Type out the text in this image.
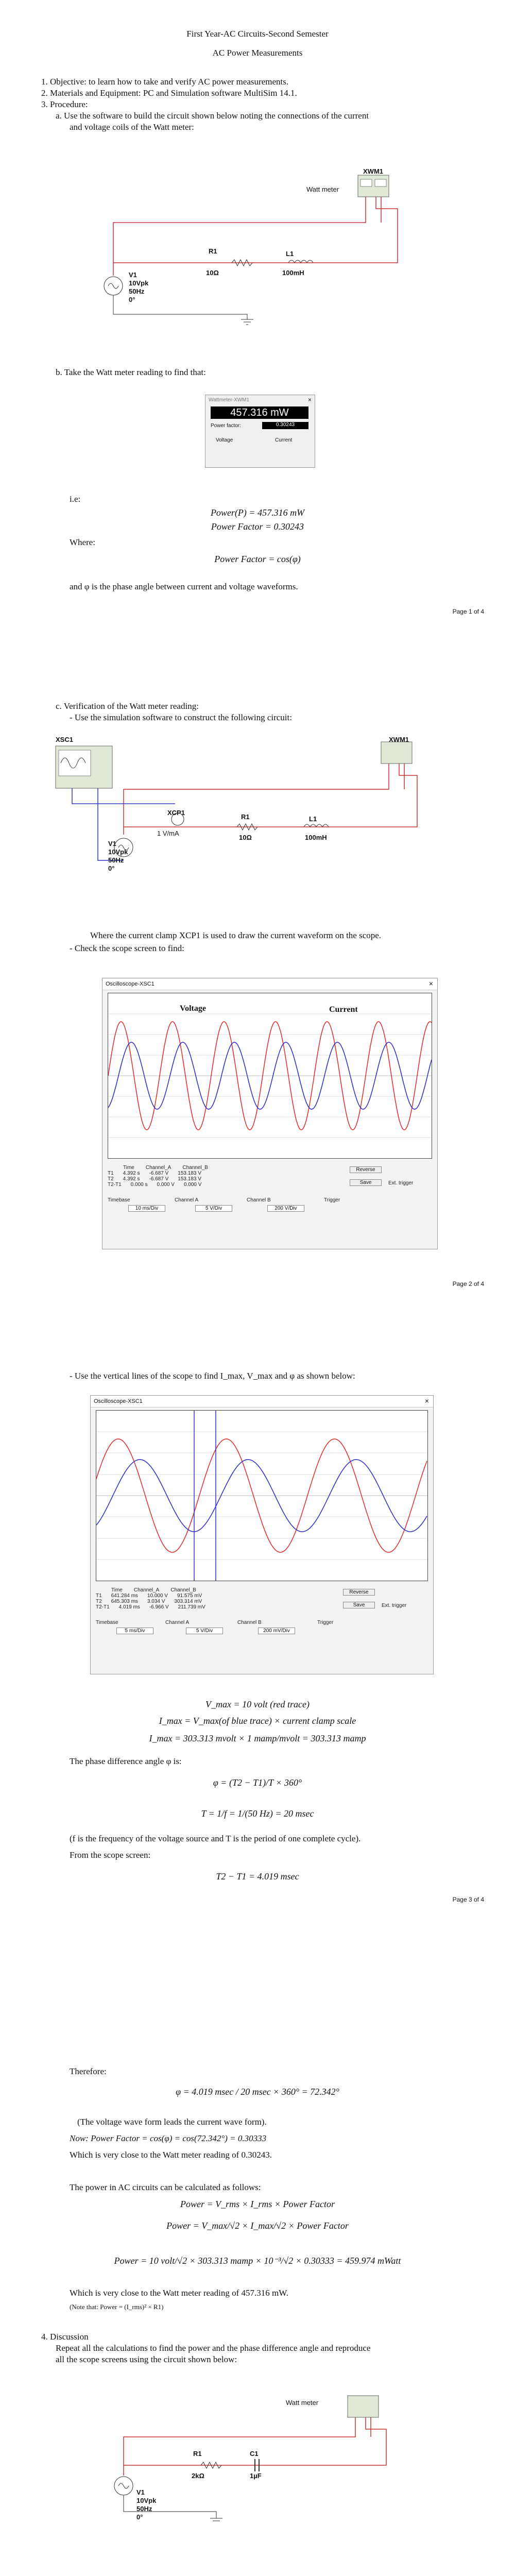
First Year-AC Circuits-Second Semester
AC Power Measurements
1. Objective: to learn how to take and verify AC power measurements.
2. Materials and Equipment: PC and Simulation software MultiSim 14.1.
3. Procedure:
a. Use the software to build the circuit shown below noting the connections of the current
and voltage coils of the Watt meter:
XWM1
Watt meter
R1
10Ω
L1
100mH
V1
10Vpk
50Hz
0°
b. Take the Watt meter reading to find that:
Wattmeter-XWM1	×
457.316 mW
Power factor:	0.30243
Voltage	Current
i.e:
Power(P) = 457.316 mW
Power Factor = 0.30243
Where:
Power Factor = cos(φ)
and φ is the phase angle between current and voltage waveforms.
Page 1 of 4
c. Verification of the Watt meter reading:
- Use the simulation software to construct the following circuit:
XSC1	XWM1
XCP1
1 V/mA
R1
10Ω
L1
100mH
V1
10Vpk
50Hz
0°
Where the current clamp XCP1 is used to draw the current waveform on the scope.
- Check the scope screen to find:
Oscilloscope-XSC1	×
Voltage	Current
Time Channel_A Channel_B
T1 4.392 s -6.687 V 153.183 V
T2 4.392 s -6.687 V 153.183 V
T2-T1 0.000 s 0.000 V 0.000 V
Reverse
Save	Ext. trigger
Timebase	Channel A	Channel B	Trigger
10 ms/Div	5 V/Div	200 V/Div
Page 2 of 4
- Use the vertical lines of the scope to find I_max, V_max and φ as shown below:
Oscilloscope-XSC1	×
Time Channel_A Channel_B
T1 641.284 ms 10.000 V 91.575 mV
T2 645.303 ms 3.034 V 303.314 mV
T2-T1 4.019 ms -6.966 V 211.739 mV
Reverse
Save	Ext. trigger
Timebase	Channel A	Channel B	Trigger
5 ms/Div	5 V/Div	200 mV/Div
V_max = 10 volt (red trace)
I_max = V_max(of blue trace) × current clamp scale
I_max = 303.313 mvolt × 1 mamp/mvolt = 303.313 mamp
The phase difference angle φ is:
φ = (T2 − T1)/T × 360°
T = 1/f = 1/(50 Hz) = 20 msec
(f is the frequency of the voltage source and T is the period of one complete cycle).
From the scope screen:
T2 − T1 = 4.019 msec
Page 3 of 4
Therefore:
φ = 4.019 msec / 20 msec × 360° = 72.342°
(The voltage wave form leads the current wave form).
Now: Power Factor = cos(φ) = cos(72.342°) = 0.30333
Which is very close to the Watt meter reading of 0.30243.
The power in AC circuits can be calculated as follows:
Power = V_rms × I_rms × Power Factor
Power = V_max/√2 × I_max/√2 × Power Factor
Power = 10 volt/√2 × 303.313 mamp × 10⁻³/√2 × 0.30333 = 459.974 mWatt
Which is very close to the Watt meter reading of 457.316 mW.
(Note that: Power = (I_rms)² × R1)
4. Discussion
Repeat all the calculations to find the power and the phase difference angle and reproduce
all the scope screens using the circuit shown below:
Watt meter
R1
2kΩ
C1
1µF
V1
10Vpk
50Hz
0°
